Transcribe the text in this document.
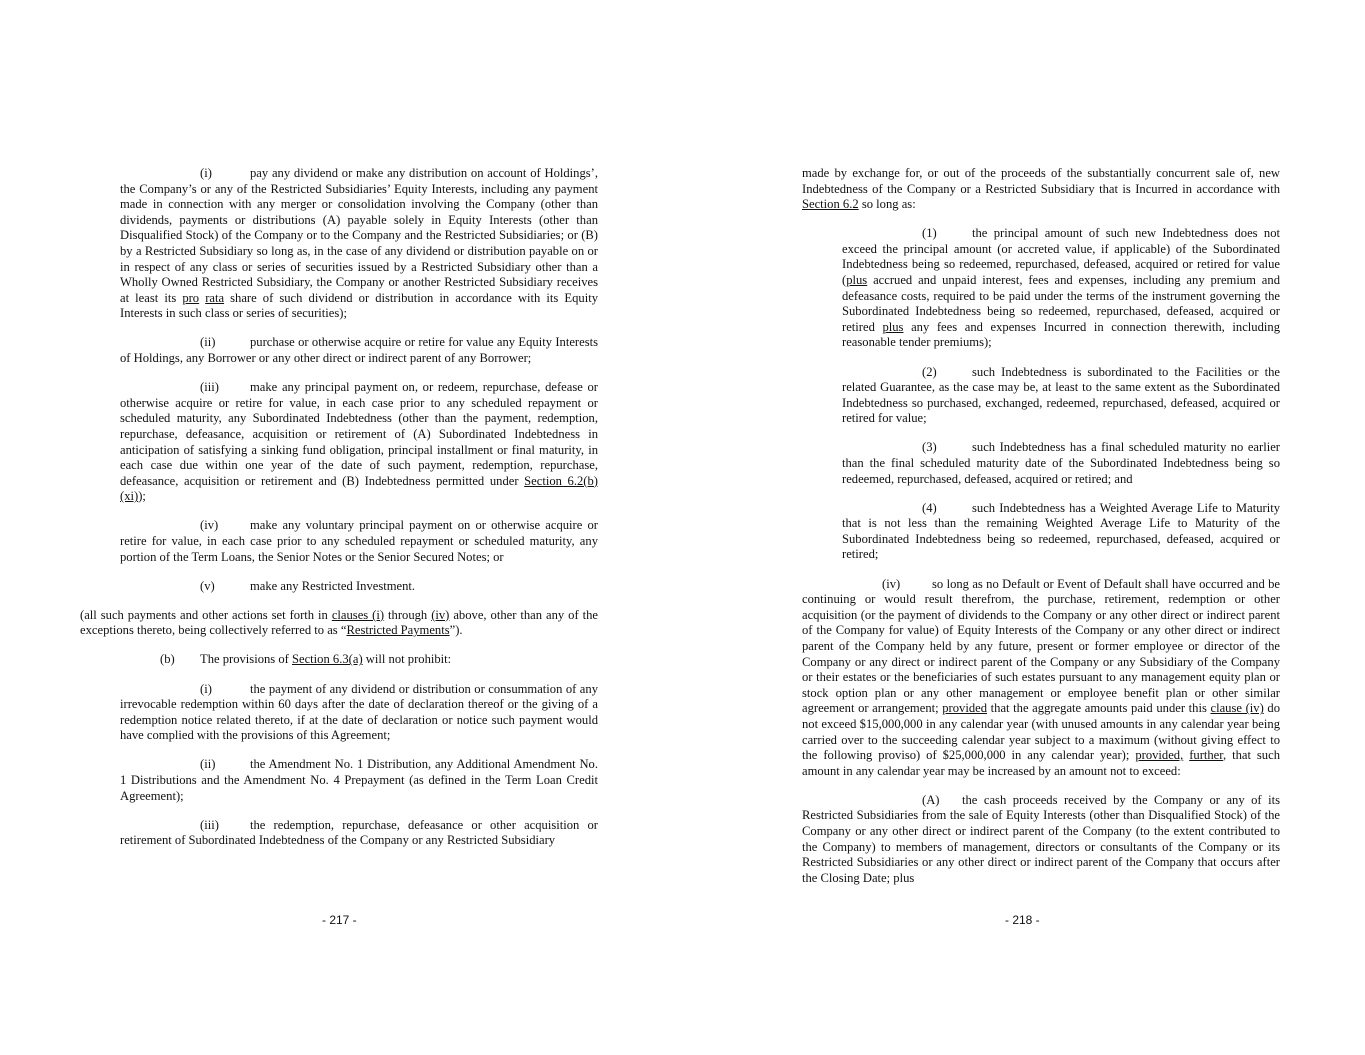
(i)	pay any dividend or make any distribution on account of Holdings’, the Company’s or any of the Restricted Subsidiaries’ Equity Interests, including any payment made in connection with any merger or consolidation involving the Company (other than dividends, payments or distributions (A) payable solely in Equity Interests (other than Disqualified Stock) of the Company or to the Company and the Restricted Subsidiaries; or (B) by a Restricted Subsidiary so long as, in the case of any dividend or distribution payable on or in respect of any class or series of securities issued by a Restricted Subsidiary other than a Wholly Owned Restricted Subsidiary, the Company or another Restricted Subsidiary receives at least its pro rata share of such dividend or distribution in accordance with its Equity Interests in such class or series of securities);

(ii)	purchase or otherwise acquire or retire for value any Equity Interests of Holdings, any Borrower or any other direct or indirect parent of any Borrower;

(iii) make any principal payment on, or redeem, repurchase, defease or otherwise acquire or retire for value, in each case prior to any scheduled repayment or scheduled maturity, any Subordinated Indebtedness (other than the payment, redemption, repurchase, defeasance, acquisition or retirement of (A) Subordinated Indebtedness in anticipation of satisfying a sinking fund obligation, principal installment or final maturity, in each case due within one year of the date of such payment, redemption, repurchase, defeasance, acquisition or retirement and (B) Indebtedness permitted under Section 6.2(b)(xi));

(iv)	make any voluntary principal payment on or otherwise acquire or retire for value, in each case prior to any scheduled repayment or scheduled maturity, any portion of the Term Loans, the Senior Notes or the Senior Secured Notes; or

(v)	make any Restricted Investment.

(all such payments and other actions set forth in clauses (i) through (iv) above, other than any of the exceptions thereto, being collectively referred to as “Restricted Payments”).

(b) The provisions of Section 6.3(a) will not prohibit:

(i)	the payment of any dividend or distribution or consummation of any irrevocable redemption within 60 days after the date of declaration thereof or the giving of a redemption notice related thereto, if at the date of declaration or notice such payment would have complied with the provisions of this Agreement;

(ii)	the Amendment No. 1 Distribution, any Additional Amendment No. 1 Distributions and the Amendment No. 4 Prepayment (as defined in the Term Loan Credit Agreement);

(iii) the redemption, repurchase, defeasance or other acquisition or retirement of Subordinated Indebtedness of the Company or any Restricted Subsidiary

- 217 -

made by exchange for, or out of the proceeds of the substantially concurrent sale of, new Indebtedness of the Company or a Restricted Subsidiary that is Incurred in accordance with Section 6.2 so long as:

(1)	the principal amount of such new Indebtedness does not exceed the principal amount (or accreted value, if applicable) of the Subordinated Indebtedness being so redeemed, repurchased, defeased, acquired or retired for value (plus accrued and unpaid interest, fees and expenses, including any premium and defeasance costs, required to be paid under the terms of the instrument governing the Subordinated Indebtedness being so redeemed, repurchased, defeased, acquired or retired plus any fees and expenses Incurred in connection therewith, including reasonable tender premiums);

(2)	such Indebtedness is subordinated to the Facilities or the related Guarantee, as the case may be, at least to the same extent as the Subordinated Indebtedness so purchased, exchanged, redeemed, repurchased, defeased, acquired or retired for value;

(3)	such Indebtedness has a final scheduled maturity no earlier than the final scheduled maturity date of the Subordinated Indebtedness being so redeemed, repurchased, defeased, acquired or retired; and

(4)	such Indebtedness has a Weighted Average Life to Maturity that is not less than the remaining Weighted Average Life to Maturity of the Subordinated Indebtedness being so redeemed, repurchased, defeased, acquired or retired;

(iv)	so long as no Default or Event of Default shall have occurred and be continuing or would result therefrom, the purchase, retirement, redemption or other acquisition (or the payment of dividends to the Company or any other direct or indirect parent of the Company for value) of Equity Interests of the Company or any other direct or indirect parent of the Company held by any future, present or former employee or director of the Company or any direct or indirect parent of the Company or any Subsidiary of the Company or their estates or the beneficiaries of such estates pursuant to any management equity plan or stock option plan or any other management or employee benefit plan or other similar agreement or arrangement; provided that the aggregate amounts paid under this clause (iv) do not exceed $15,000,000 in any calendar year (with unused amounts in any calendar year being carried over to the succeeding calendar year subject to a maximum (without giving effect to the following proviso) of $25,000,000 in any calendar year); provided, further, that such amount in any calendar year may be increased by an amount not to exceed:

(A) the cash proceeds received by the Company or any of its Restricted Subsidiaries from the sale of Equity Interests (other than Disqualified Stock) of the Company or any other direct or indirect parent of the Company (to the extent contributed to the Company) to members of management, directors or consultants of the Company or its Restricted Subsidiaries or any other direct or indirect parent of the Company that occurs after the Closing Date; plus

- 218 -
